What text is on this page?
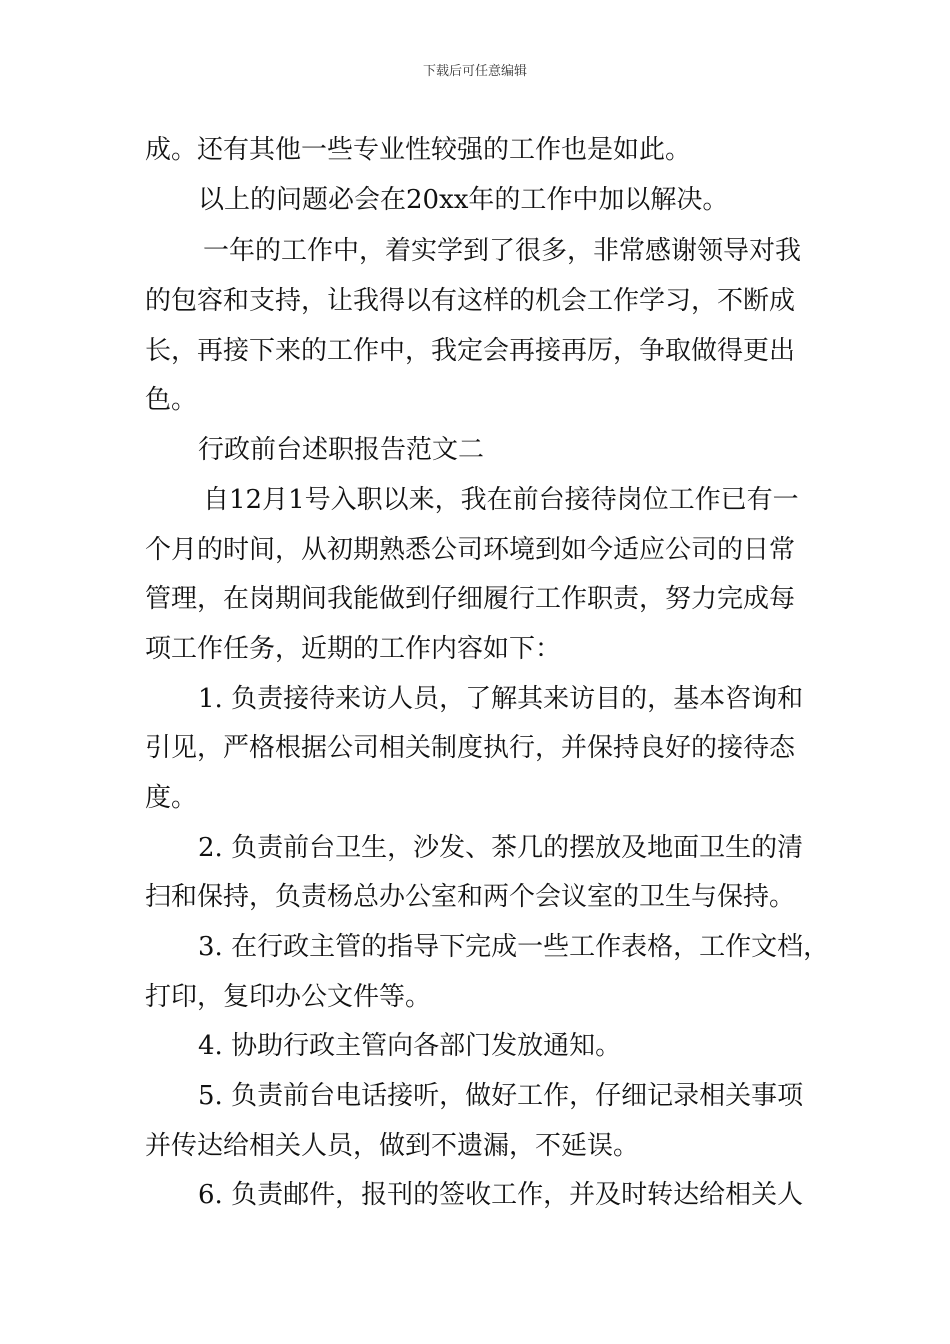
下载后可任意编辑
成。还有其他一些专业性较强的工作也是如此。
以上的问题必会在20xx年的工作中加以解决。
一年的工作中，着实学到了很多，非常感谢领导对我
的包容和支持，让我得以有这样的机会工作学习，不断成
长，再接下来的工作中，我定会再接再厉，争取做得更出
色。
行政前台述职报告范文二
自12月1号入职以来，我在前台接待岗位工作已有一
个月的时间，从初期熟悉公司环境到如今适应公司的日常
管理，在岗期间我能做到仔细履行工作职责，努力完成每
项工作任务，近期的工作内容如下：
1. 负责接待来访人员，了解其来访目的，基本咨询和
引见，严格根据公司相关制度执行，并保持良好的接待态
度。
2. 负责前台卫生，沙发、茶几的摆放及地面卫生的清
扫和保持，负责杨总办公室和两个会议室的卫生与保持。
3. 在行政主管的指导下完成一些工作表格，工作文档，
打印，复印办公文件等。
4. 协助行政主管向各部门发放通知。
5. 负责前台电话接听，做好工作，仔细记录相关事项
并传达给相关人员，做到不遗漏，不延误。
6. 负责邮件，报刊的签收工作，并及时转达给相关人
